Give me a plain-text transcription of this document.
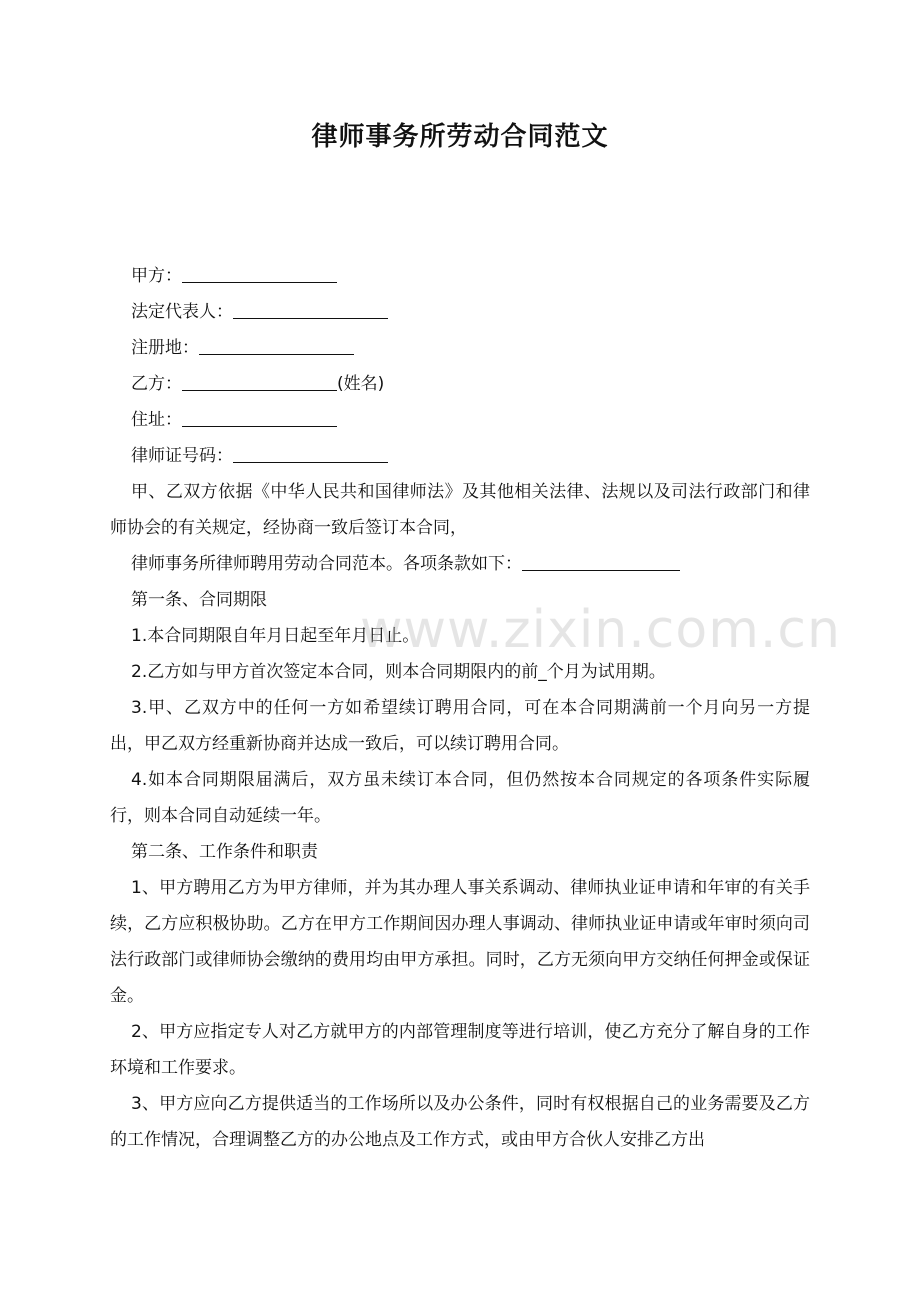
律师事务所劳动合同范文

甲方：

法定代表人：

注册地：

乙方：	(姓名)

住址：

律师证号码：

甲、乙双方依据《中华人民共和国律师法》及其他相关法律、法规以及司法行政部门和律师协会的有关规定，经协商一致后签订本合同，

律师事务所律师聘用劳动合同范本。各项条款如下：

第一条、合同期限

1.本合同期限自年月日起至年月日止。

2.乙方如与甲方首次签定本合同，则本合同期限内的前_个月为试用期。

3.甲、乙双方中的任何一方如希望续订聘用合同，可在本合同期满前一个月向另一方提出，甲乙双方经重新协商并达成一致后，可以续订聘用合同。

4.如本合同期限届满后，双方虽未续订本合同，但仍然按本合同规定的各项条件实际履行，则本合同自动延续一年。

第二条、工作条件和职责

1、甲方聘用乙方为甲方律师，并为其办理人事关系调动、律师执业证申请和年审的有关手续，乙方应积极协助。乙方在甲方工作期间因办理人事调动、律师执业证申请或年审时须向司法行政部门或律师协会缴纳的费用均由甲方承担。同时，乙方无须向甲方交纳任何押金或保证金。

2、甲方应指定专人对乙方就甲方的内部管理制度等进行培训，使乙方充分了解自身的工作环境和工作要求。

3、甲方应向乙方提供适当的工作场所以及办公条件，同时有权根据自己的业务需要及乙方的工作情况，合理调整乙方的办公地点及工作方式，或由甲方合伙人安排乙方出

www.zixin.com.cn
